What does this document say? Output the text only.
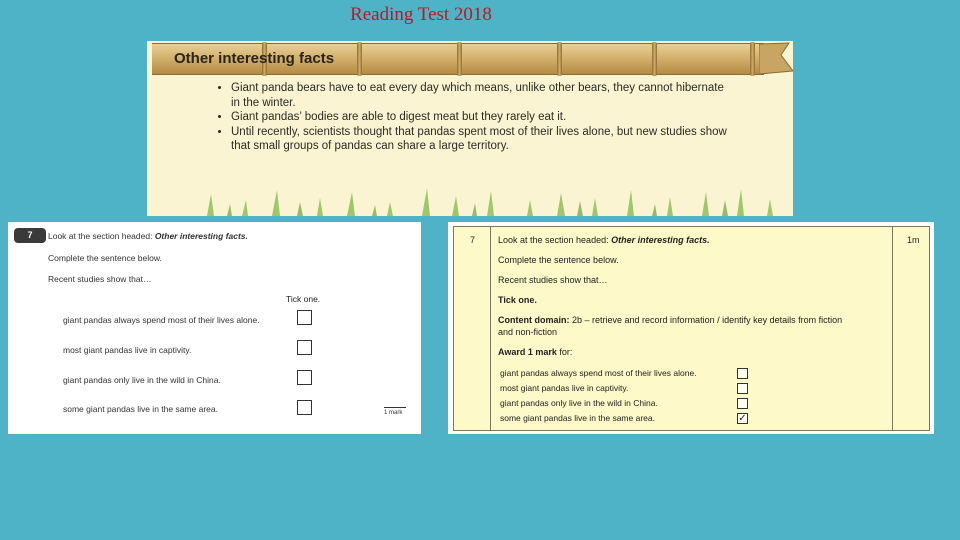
Reading Test 2018
Other interesting facts
• Giant panda bears have to eat every day which means, unlike other bears, they cannot hibernate in the winter.
• Giant pandas’ bodies are able to digest meat but they rarely eat it.
• Until recently, scientists thought that pandas spent most of their lives alone, but new studies show that small groups of pandas can share a large territory.
7	Look at the section headed: Other interesting facts.
Complete the sentence below.
Recent studies show that…
Tick one.
giant pandas always spend most of their lives alone.
most giant pandas live in captivity.
giant pandas only live in the wild in China.
some giant pandas live in the same area.	1 mark
7	1m
Look at the section headed: Other interesting facts.
Complete the sentence below.
Recent studies show that…
Tick one.
Content domain: 2b – retrieve and record information / identify key details from fiction
and non-fiction
Award 1 mark for:
giant pandas always spend most of their lives alone.
most giant pandas live in captivity.
giant pandas only live in the wild in China.
some giant pandas live in the same area.	✓
